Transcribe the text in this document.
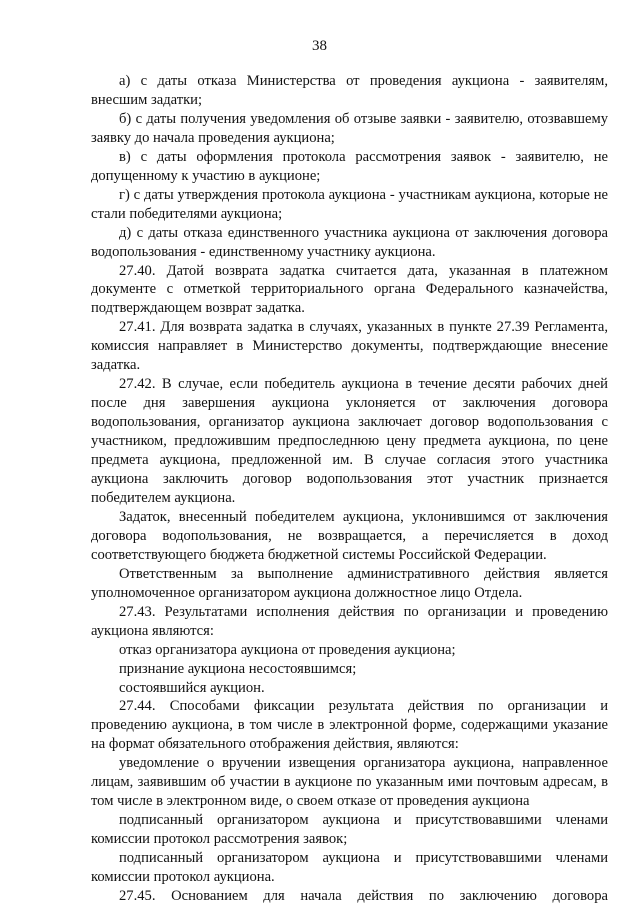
38

а) с даты отказа Министерства от проведения аукциона - заявителям, внесшим задатки;

б) с даты получения уведомления об отзыве заявки - заявителю, отозвавшему заявку до начала проведения аукциона;

в) с даты оформления протокола рассмотрения заявок - заявителю, не допущенному к участию в аукционе;

г) с даты утверждения протокола аукциона - участникам аукциона, которые не стали победителями аукциона;

д) с даты отказа единственного участника аукциона от заключения договора водопользования - единственному участнику аукциона.

27.40. Датой возврата задатка считается дата, указанная в платежном документе с отметкой территориального органа Федерального казначейства, подтверждающем возврат задатка.

27.41. Для возврата задатка в случаях, указанных в пункте 27.39 Регламента, комиссия направляет в Министерство документы, подтверждающие внесение задатка.

27.42. В случае, если победитель аукциона в течение десяти рабочих дней после дня завершения аукциона уклоняется от заключения договора водопользования, организатор аукциона заключает договор водопользования с участником, предложившим предпоследнюю цену предмета аукциона, по цене предмета аукциона, предложенной им. В случае согласия этого участника аукциона заключить договор водопользования этот участник признается победителем аукциона.

Задаток, внесенный победителем аукциона, уклонившимся от заключения договора водопользования, не возвращается, а перечисляется в доход соответствующего бюджета бюджетной системы Российской Федерации.

Ответственным за выполнение административного действия является уполномоченное организатором аукциона должностное лицо Отдела.

27.43. Результатами исполнения действия по организации и проведению аукциона являются:

отказ организатора аукциона от проведения аукциона;

признание аукциона несостоявшимся;

состоявшийся аукцион.

27.44. Способами фиксации результата действия по организации и проведению аукциона, в том числе в электронной форме, содержащими указание на формат обязательного отображения действия, являются:

уведомление о вручении извещения организатора аукциона, направленное лицам, заявившим об участии в аукционе по указанным ими почтовым адресам, в том числе в электронном виде, о своем отказе от проведения аукциона

подписанный организатором аукциона и присутствовавшими членами комиссии протокол рассмотрения заявок;

подписанный организатором аукциона и присутствовавшими членами комиссии протокол аукциона.

27.45. Основанием для начала действия по заключению договора
